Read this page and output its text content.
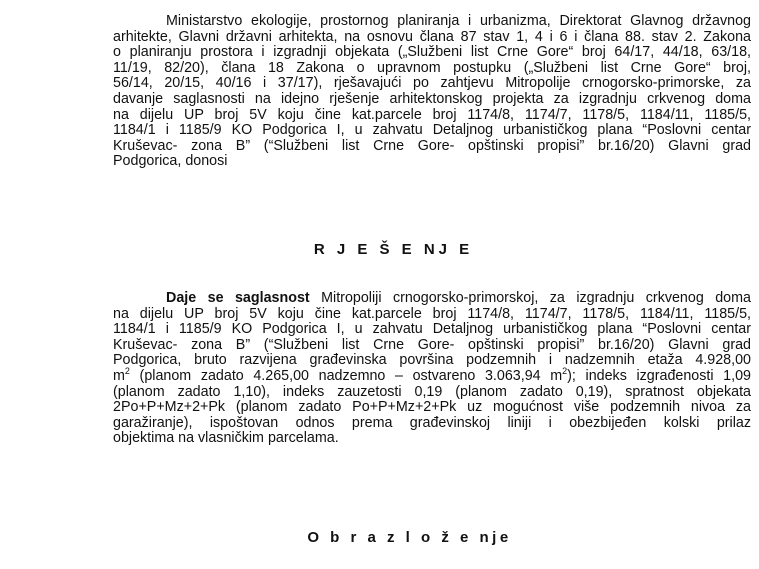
Ministarstvo ekologije, prostornog planiranja i urbanizma, Direktorat Glavnog državnog
arhitekte, Glavni državni arhitekta, na osnovu člana 87 stav 1, 4 i 6 i člana 88. stav 2. Zakona
o planiranju prostora i izgradnji objekata („Službeni list Crne Gore“ broj 64/17, 44/18, 63/18,
11/19, 82/20), člana 18 Zakona o upravnom postupku („Službeni list Crne Gore“ broj,
56/14, 20/15, 40/16 i 37/17), rješavajući po zahtjevu Mitropolije crnogorsko-primorske, za
davanje saglasnosti na idejno rješenje arhitektonskog projekta za izgradnju crkvenog doma
na dijelu UP broj 5V koju čine kat.parcele broj 1174/8, 1174/7, 1178/5, 1184/11, 1185/5,
1184/1 i 1185/9 KO Podgorica I, u zahvatu Detaljnog urbanističkog plana “Poslovni centar
Kruševac- zona B” (“Službeni list Crne Gore- opštinski propisi” br.16/20) Glavni grad
Podgorica, donosi

R J E Š E NJ E

Daje se saglasnost Mitropoliji crnogorsko-primorskoj, za izgradnju crkvenog doma
na dijelu UP broj 5V koju čine kat.parcele broj 1174/8, 1174/7, 1178/5, 1184/11, 1185/5,
1184/1 i 1185/9 KO Podgorica I, u zahvatu Detaljnog urbanističkog plana “Poslovni centar
Kruševac- zona B” (“Službeni list Crne Gore- opštinski propisi” br.16/20) Glavni grad
Podgorica, bruto razvijena građevinska površina podzemnih i nadzemnih etaža 4.928,00
$m^2$ (planom zadato 4.265,00 nadzemno – ostvareno 3.063,94 $m^2$); indeks izgrađenosti 1,09
(planom zadato 1,10), indeks zauzetosti 0,19 (planom zadato 0,19), spratnost objekata
2Po+P+Mz+2+Pk (planom zadato Po+P+Mz+2+Pk uz mogućnost više podzemnih nivoa za
garažiranje), ispoštovan odnos prema građevinskoj liniji i obezbijeđen kolski prilaz
objektima na vlasničkim parcelama.

O b r a z l o ž e nje
